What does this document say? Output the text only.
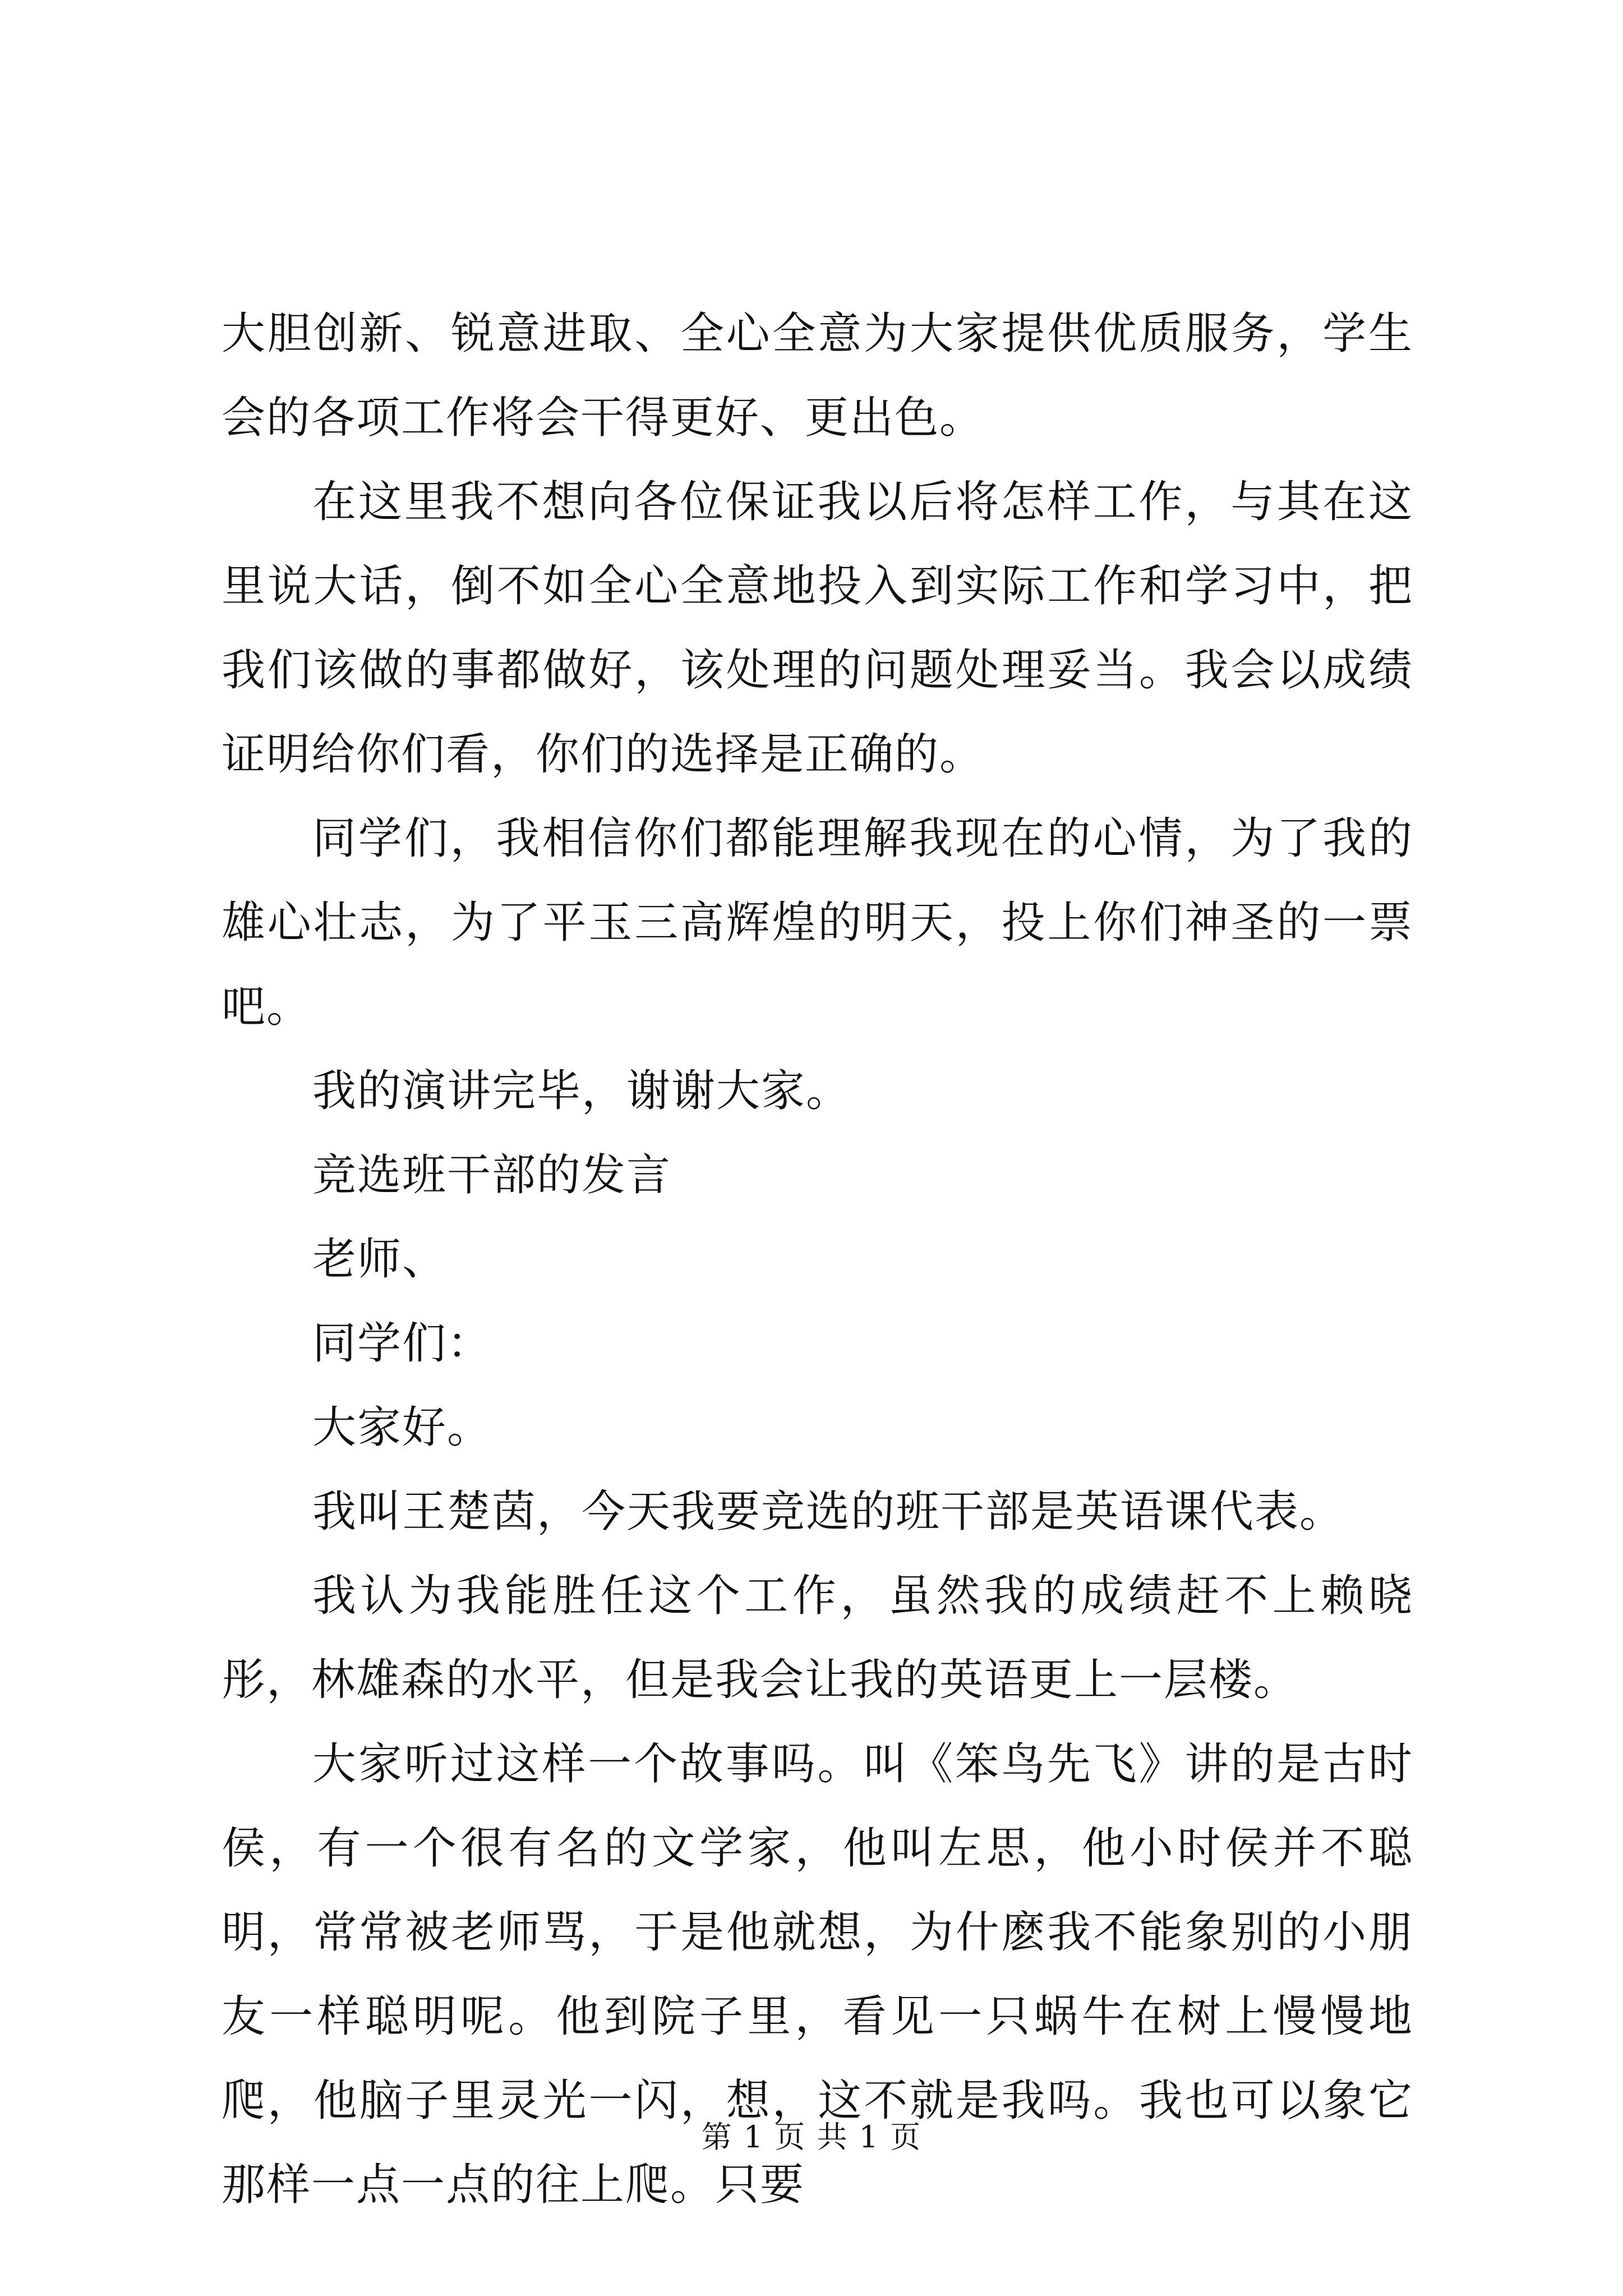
大胆创新、锐意进取、全心全意为大家提供优质服务，学生会的各项工作将会干得更好、更出色。

在这里我不想向各位保证我以后将怎样工作，与其在这里说大话，倒不如全心全意地投入到实际工作和学习中，把我们该做的事都做好，该处理的问题处理妥当。我会以成绩证明给你们看，你们的选择是正确的。

同学们，我相信你们都能理解我现在的心情，为了我的雄心壮志，为了平玉三高辉煌的明天，投上你们神圣的一票吧。

我的演讲完毕，谢谢大家。

竞选班干部的发言

老师、

同学们：

大家好。

我叫王楚茵，今天我要竞选的班干部是英语课代表。

我认为我能胜任这个工作，虽然我的成绩赶不上赖晓彤，林雄森的水平，但是我会让我的英语更上一层楼。

大家听过这样一个故事吗。叫《笨鸟先飞》讲的是古时侯，有一个很有名的文学家，他叫左思，他小时侯并不聪明，常常被老师骂，于是他就想，为什麽我不能象别的小朋友一样聪明呢。他到院子里，看见一只蜗牛在树上慢慢地爬，他脑子里灵光一闪，想，这不就是我吗。我也可以象它那样一点一点的往上爬。只要

第 1 页 共 1 页
